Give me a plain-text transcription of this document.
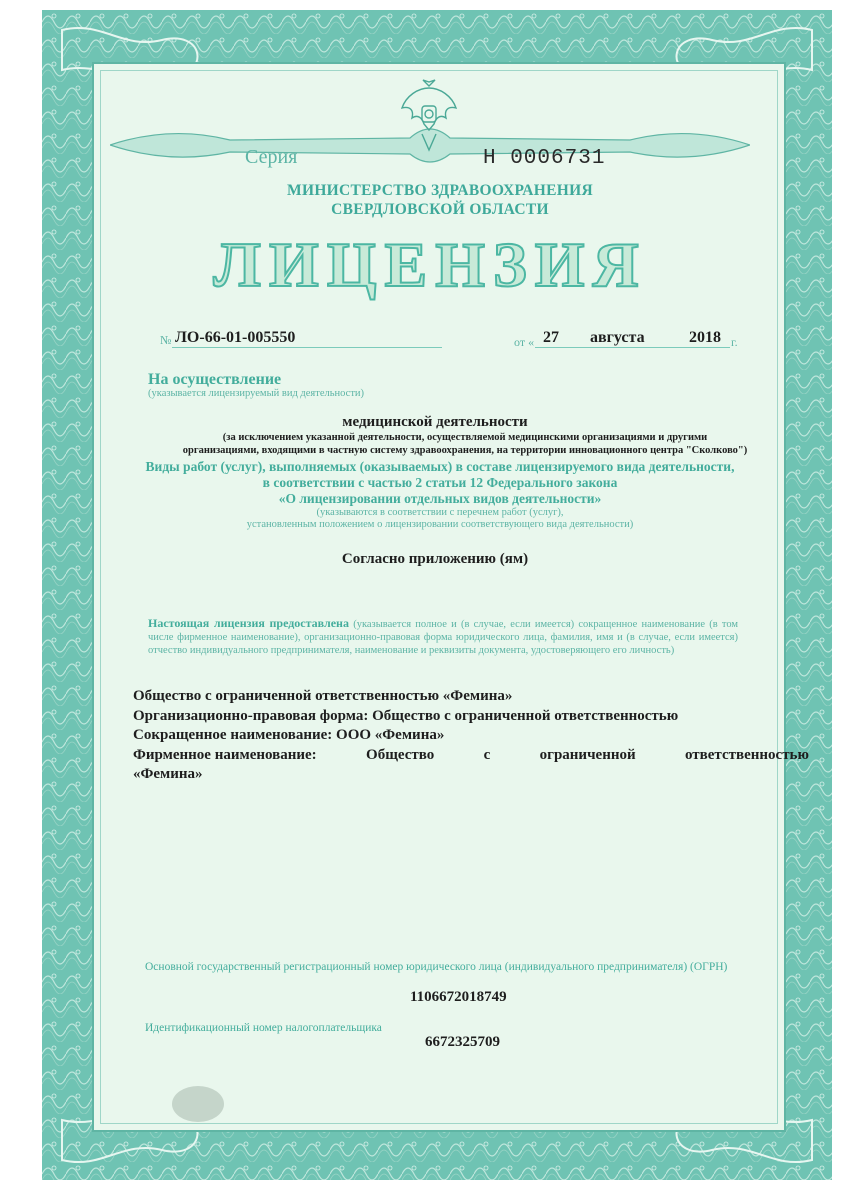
Серия	Н 0006731
МИНИСТЕРСТВО ЗДРАВООХРАНЕНИЯ
СВЕРДЛОВСКОЙ ОБЛАСТИ
ЛИЦЕНЗИЯ
№ ЛО-66-01-005550	от « 27 августа	2018 г.
На осуществление
(указывается лицензируемый вид деятельности)
медицинской деятельности
(за исключением указанной деятельности, осуществляемой медицинскими организациями и другими
организациями, входящими в частную систему здравоохранения, на территории инновационного центра "Сколково")
Виды работ (услуг), выполняемых (оказываемых) в составе лицензируемого вида деятельности,
в соответствии с частью 2 статьи 12 Федерального закона
«О лицензировании отдельных видов деятельности»
(указываются в соответствии с перечнем работ (услуг),
установленным положением о лицензировании соответствующего вида деятельности)
Согласно приложению (ям)
Настоящая лицензия предоставлена (указывается полное и (в случае, если имеется) сокращенное наименование (в том числе фирменное наименование), организационно-правовая форма юридического лица, фамилия, имя и (в случае, если имеется) отчество индивидуального предпринимателя, наименование и реквизиты документа, удостоверяющего его личность)
Общество с ограниченной ответственностью «Фемина»
Организационно-правовая форма: Общество с ограниченной ответственностью
Сокращенное наименование: ООО «Фемина»
Фирменное наименование:	Общество	с	ограниченной	ответственностью
«Фемина»
Основной государственный регистрационный номер юридического лица (индивидуального предпринимателя) (ОГРН)
1106672018749
Идентификационный номер налогоплательщика
6672325709
